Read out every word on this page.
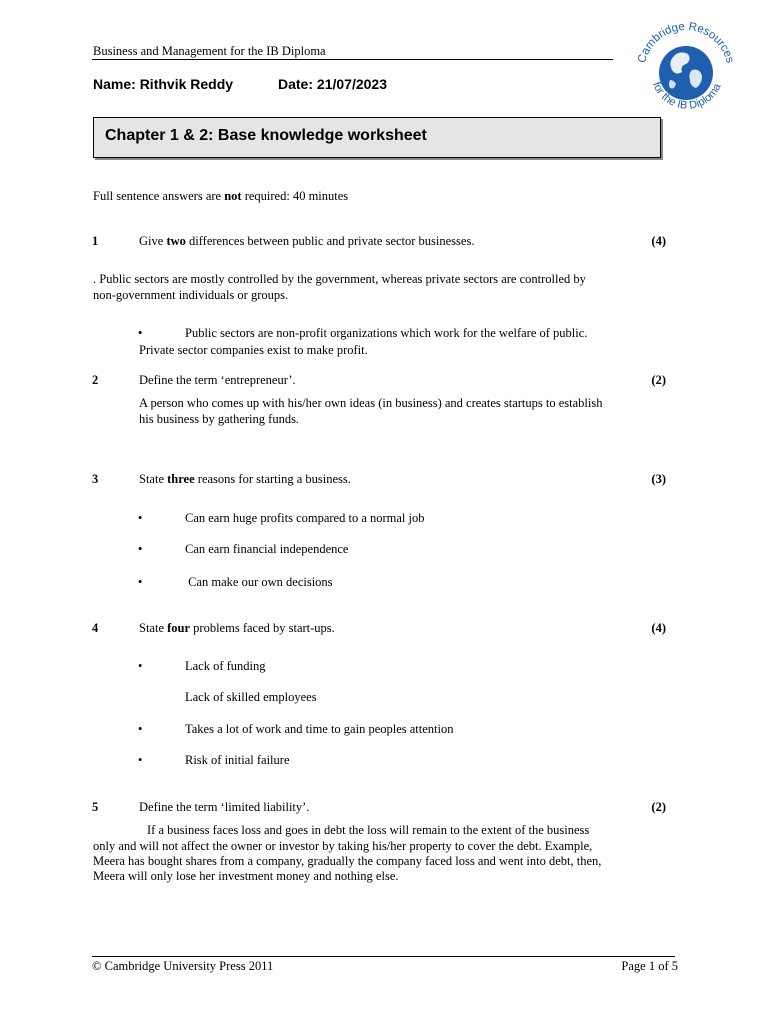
Business and Management for the IB Diploma
Name: Rithvik Reddy	Date: 21/07/2023
Cambridge Resources
for the IB Diploma
Chapter 1 & 2: Base knowledge worksheet
Full sentence answers are not required: 40 minutes
1	Give two differences between public and private sector businesses.	(4)
. Public sectors are mostly controlled by the government, whereas private sectors are controlled by
non-government individuals or groups.
•	Public sectors are non-profit organizations which work for the welfare of public.
Private sector companies exist to make profit.
2	Define the term ‘entrepreneur’.	(2)
A person who comes up with his/her own ideas (in business) and creates startups to establish
his business by gathering funds.
3	State three reasons for starting a business.	(3)
•	Can earn huge profits compared to a normal job
•	Can earn financial independence
•	Can make our own decisions
4	State four problems faced by start-ups.	(4)
•	Lack of funding
Lack of skilled employees
•	Takes a lot of work and time to gain peoples attention
•	Risk of initial failure
5	Define the term ‘limited liability’.	(2)
If a business faces loss and goes in debt the loss will remain to the extent of the business
only and will not affect the owner or investor by taking his/her property to cover the debt. Example,
Meera has bought shares from a company, gradually the company faced loss and went into debt, then,
Meera will only lose her investment money and nothing else.
© Cambridge University Press 2011	Page 1 of 5
